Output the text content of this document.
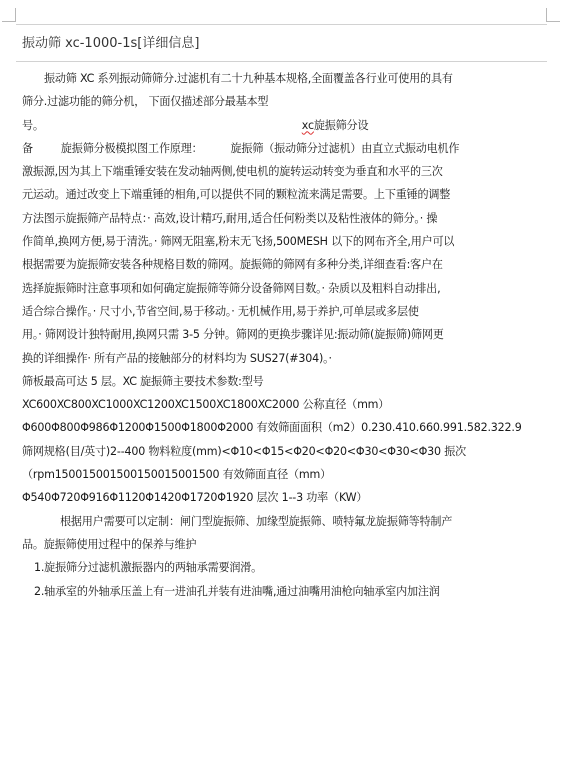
振动筛 xc-1000-1s[详细信息]
振动筛 XC 系列振动筛筛分.过滤机有二十九种基本规格,全面覆盖各行业可使用的具有
筛分.过滤功能的筛分机， 下面仅描述部分最基本型
号。	xc旋振筛分设
备	旋振筛分极模拟图工作原理：	旋振筛（振动筛分过滤机）由直立式振动电机作
激振源,因为其上下端重锤安装在发动轴两侧,使电机的旋转运动转变为垂直和水平的三次
元运动。通过改变上下端重锤的相角,可以提供不同的颗粒流来满足需要。上下重锤的调整
方法图示旋振筛产品特点：· 高效,设计精巧,耐用,适合任何粉类以及粘性液体的筛分。· 操
作简单,换网方便,易于清洗。· 筛网无阻塞,粉末无飞扬,500MESH 以下的网布齐全,用户可以
根据需要为旋振筛安装各种规格目数的筛网。旋振筛的筛网有多种分类,详细查看:客户在
选择旋振筛时注意事项和如何确定旋振筛等筛分设备筛网目数。· 杂质以及粗料自动排出,
适合综合操作。· 尺寸小,节省空间,易于移动。· 无机械作用,易于养护,可单层或多层使
用。· 筛网设计独特耐用,换网只需 3-5 分钟。筛网的更换步骤详见:振动筛(旋振筛)筛网更
换的详细操作· 所有产品的接触部分的材料均为 SUS27(#304)。·
筛板最高可达 5 层。XC 旋振筛主要技术参数:型号
XC600XC800XC1000XC1200XC1500XC1800XC2000 公称直径（mm）
Φ600Φ800Φ986Φ1200Φ1500Φ1800Φ2000 有效筛面面积（m2）0.230.410.660.991.582.322.9
筛网规格(目/英寸)2--400 物料粒度(mm)<Φ10<Φ15<Φ20<Φ20<Φ30<Φ30<Φ30 振次
（rpm150015001500150015001500 有效筛面直径（mm）
Φ540Φ720Φ916Φ1120Φ1420Φ1720Φ1920 层次 1--3 功率（KW）
根据用户需要可以定制：闸门型旋振筛、加缘型旋振筛、喷特氟龙旋振筛等特制产
品。旋振筛使用过程中的保养与维护
1.旋振筛分过滤机激振器内的两轴承需要润滑。
2.轴承室的外轴承压盖上有一进油孔并装有进油嘴,通过油嘴用油枪向轴承室内加注润
